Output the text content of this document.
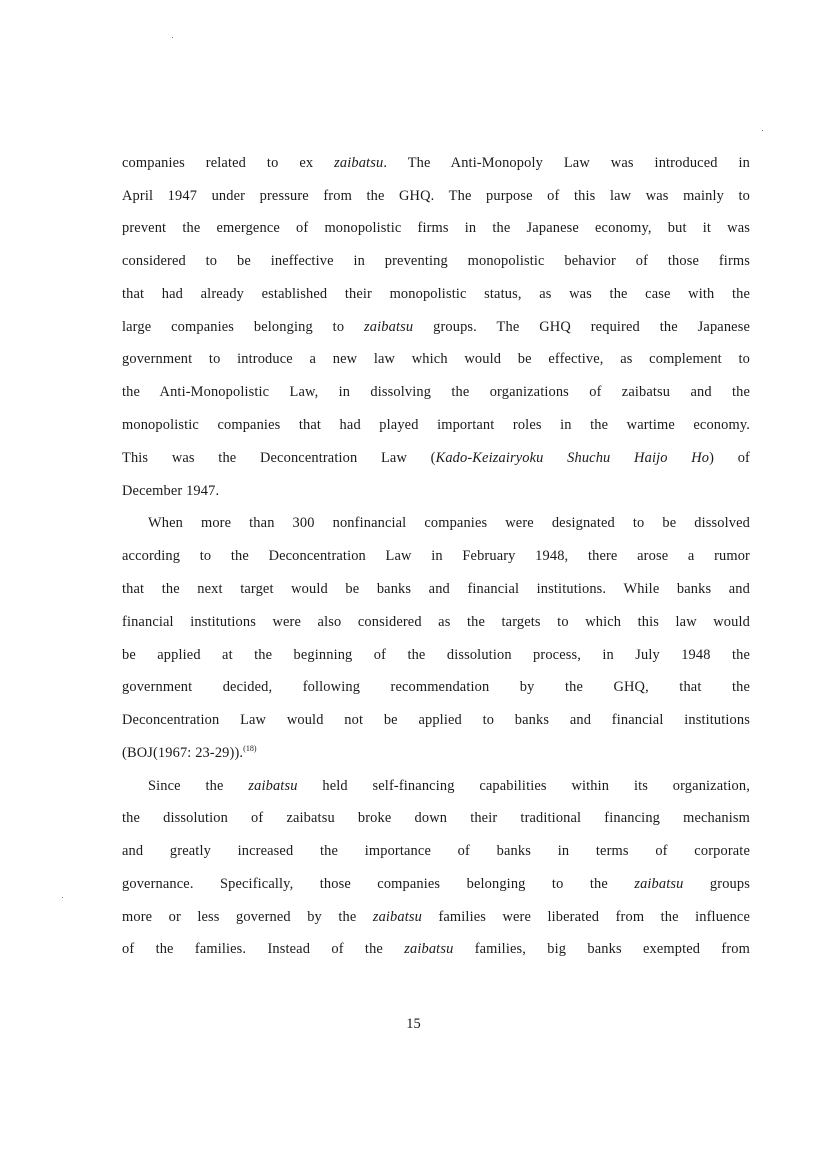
companies related to ex zaibatsu. The Anti-Monopoly Law was introduced in
April 1947 under pressure from the GHQ. The purpose of this law was mainly to
prevent the emergence of monopolistic firms in the Japanese economy, but it was
considered to be ineffective in preventing monopolistic behavior of those firms
that had already established their monopolistic status, as was the case with the
large companies belonging to zaibatsu groups. The GHQ required the Japanese
government to introduce a new law which would be effective, as complement to
the Anti-Monopolistic Law, in dissolving the organizations of zaibatsu and the
monopolistic companies that had played important roles in the wartime economy.
This was the Deconcentration Law (Kado-Keizairyoku Shuchu Haijo Ho) of
December 1947.
When more than 300 nonfinancial companies were designated to be dissolved
according to the Deconcentration Law in February 1948, there arose a rumor
that the next target would be banks and financial institutions. While banks and
financial institutions were also considered as the targets to which this law would
be applied at the beginning of the dissolution process, in July 1948 the
government decided, following recommendation by the GHQ, that the
Deconcentration Law would not be applied to banks and financial institutions
(BOJ(1967: 23-29)).$^{(18)}$
Since the zaibatsu held self-financing capabilities within its organization,
the dissolution of zaibatsu broke down their traditional financing mechanism
and greatly increased the importance of banks in terms of corporate
governance. Specifically, those companies belonging to the zaibatsu groups
more or less governed by the zaibatsu families were liberated from the influence
of the families. Instead of the zaibatsu families, big banks exempted from
15
